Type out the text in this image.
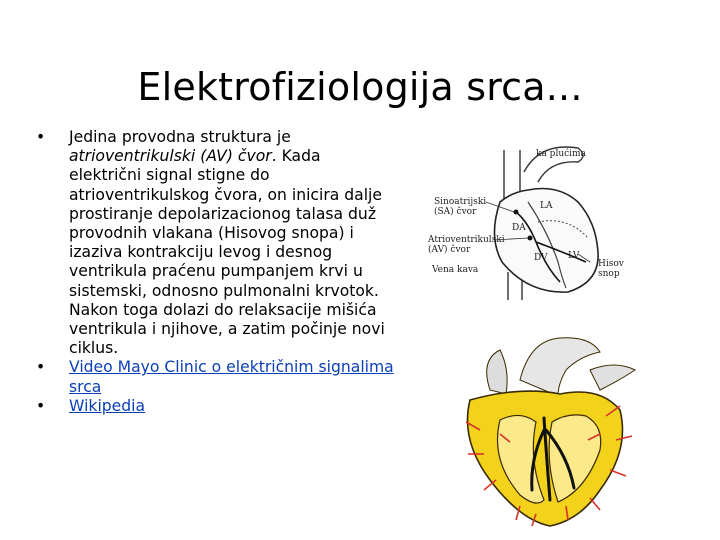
Elektrofiziologija srca...
• Jedina provodna struktura je atrioventrikulski (AV) čvor. Kada električni signal stigne do atrioventrikulskog čvora, on inicira dalje prostiranje depolarizacionog talasa duž provodnih vlakana (Hisovog snopa) i izaziva kontrakciju levog i desnog ventrikula praćenu pumpanjem krvi u sistemski, odnosno pulmonalni krvotok. Nakon toga dolazi do relaksacije mišića ventrikula i njihove, a zatim počinje novi ciklus.
• Video Mayo Clinic o električnim signalima srca
• Wikipedia
ka plućima
Sinoatrijski
(SA) čvor
Atrioventrikulski
(AV) čvor
Vena kava
Hisov
snop
LA
DA
DV LV
